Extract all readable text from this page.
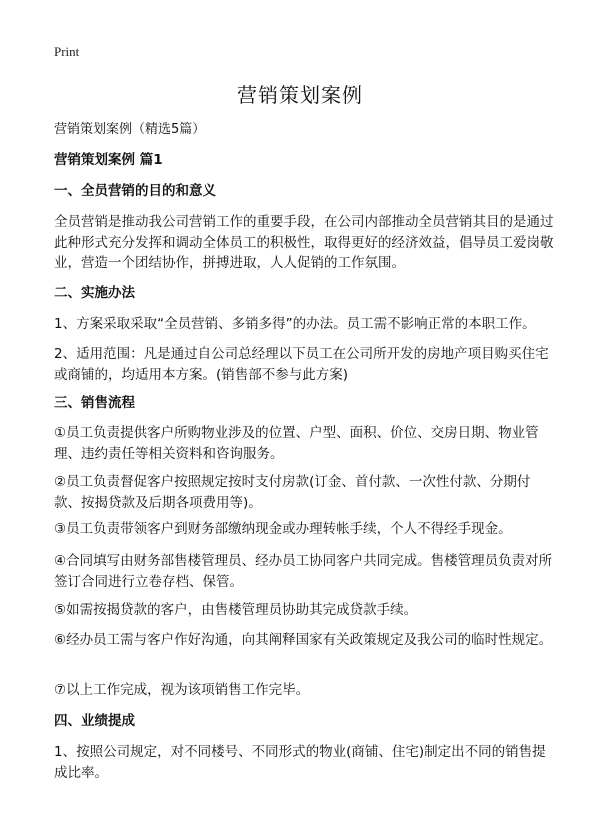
Print
营销策划案例

营销策划案例（精选5篇）

营销策划案例 篇1

一、全员营销的目的和意义

全员营销是推动我公司营销工作的重要手段，在公司内部推动全员营销其目的是通过此种形式充分发挥和调动全体员工的积极性，取得更好的经济效益，倡导员工爱岗敬业，营造一个团结协作，拼搏进取，人人促销的工作氛围。

二、实施办法

1、方案采取采取“全员营销、多销多得”的办法。员工需不影响正常的本职工作。

2、适用范围：凡是通过自公司总经理以下员工在公司所开发的房地产项目购买住宅或商铺的，均适用本方案。(销售部不参与此方案)

三、销售流程

①员工负责提供客户所购物业涉及的位置、户型、面积、价位、交房日期、物业管理、违约责任等相关资料和咨询服务。

②员工负责督促客户按照规定按时支付房款(订金、首付款、一次性付款、分期付款、按揭贷款及后期各项费用等)。

③员工负责带领客户到财务部缴纳现金或办理转帐手续，个人不得经手现金。

④合同填写由财务部售楼管理员、经办员工协同客户共同完成。售楼管理员负责对所签订合同进行立卷存档、保管。

⑤如需按揭贷款的客户，由售楼管理员协助其完成贷款手续。

⑥经办员工需与客户作好沟通，向其阐释国家有关政策规定及我公司的临时性规定。

⑦以上工作完成，视为该项销售工作完毕。

四、业绩提成

1、按照公司规定，对不同楼号、不同形式的物业(商铺、住宅)制定出不同的销售提成比率。
